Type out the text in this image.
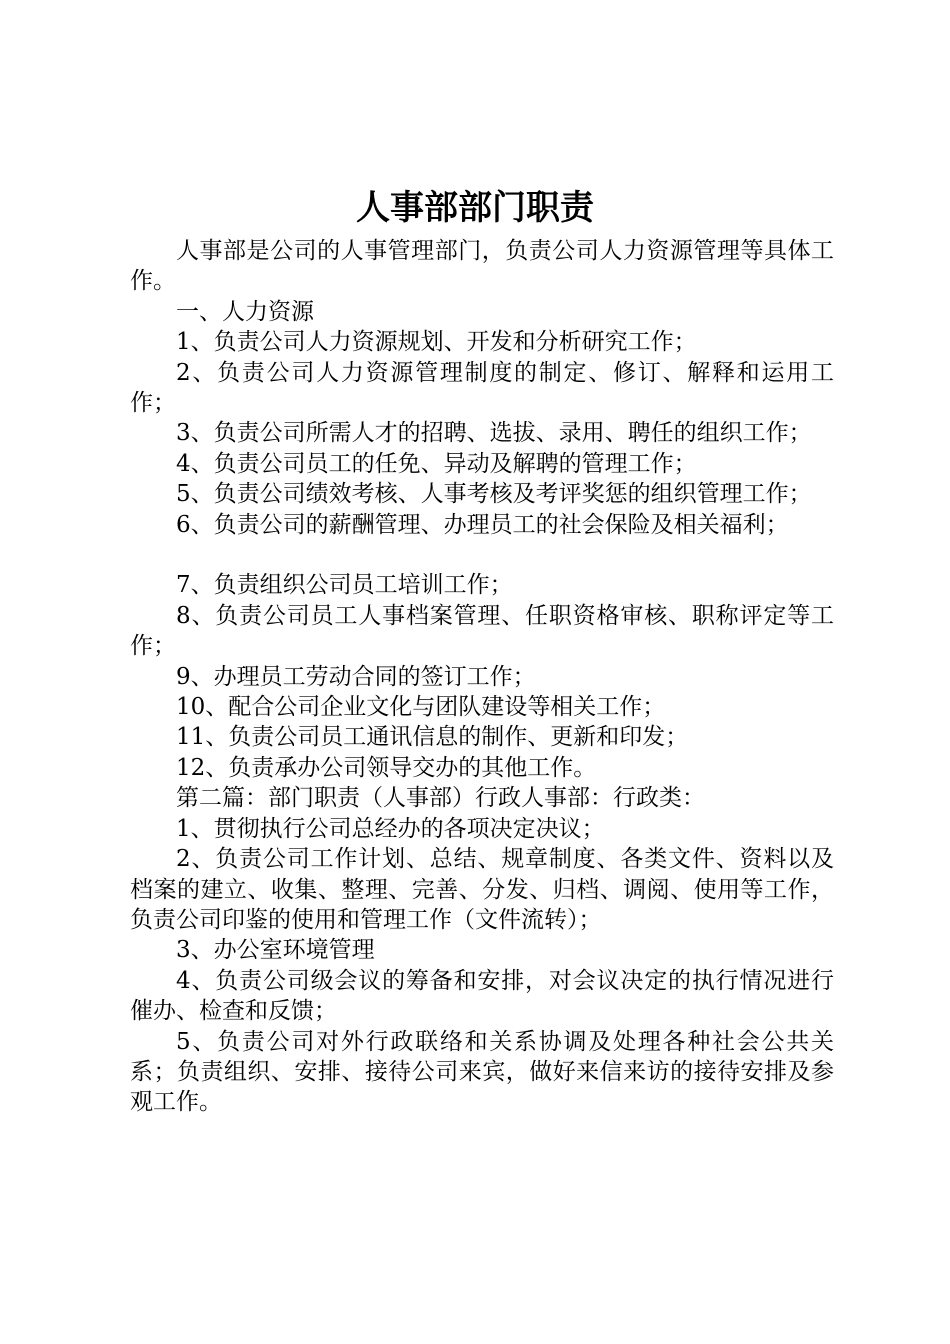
人事部部门职责

人事部是公司的人事管理部门，负责公司人力资源管理等具体工作。

一、人力资源

1、负责公司人力资源规划、开发和分析研究工作；

2、负责公司人力资源管理制度的制定、修订、解释和运用工作；

3、负责公司所需人才的招聘、选拔、录用、聘任的组织工作；

4、负责公司员工的任免、异动及解聘的管理工作；

5、负责公司绩效考核、人事考核及考评奖惩的组织管理工作；

6、负责公司的薪酬管理、办理员工的社会保险及相关福利；

7、负责组织公司员工培训工作；

8、负责公司员工人事档案管理、任职资格审核、职称评定等工作；

9、办理员工劳动合同的签订工作；

10、配合公司企业文化与团队建设等相关工作；

11、负责公司员工通讯信息的制作、更新和印发；

12、负责承办公司领导交办的其他工作。

第二篇：部门职责（人事部）行政人事部：行政类：

1、贯彻执行公司总经办的各项决定决议；

2、负责公司工作计划、总结、规章制度、各类文件、资料以及档案的建立、收集、整理、完善、分发、归档、调阅、使用等工作，负责公司印鉴的使用和管理工作（文件流转）；

3、办公室环境管理

4、负责公司级会议的筹备和安排，对会议决定的执行情况进行催办、检查和反馈；

5、负责公司对外行政联络和关系协调及处理各种社会公共关系；负责组织、安排、接待公司来宾，做好来信来访的接待安排及参观工作。
